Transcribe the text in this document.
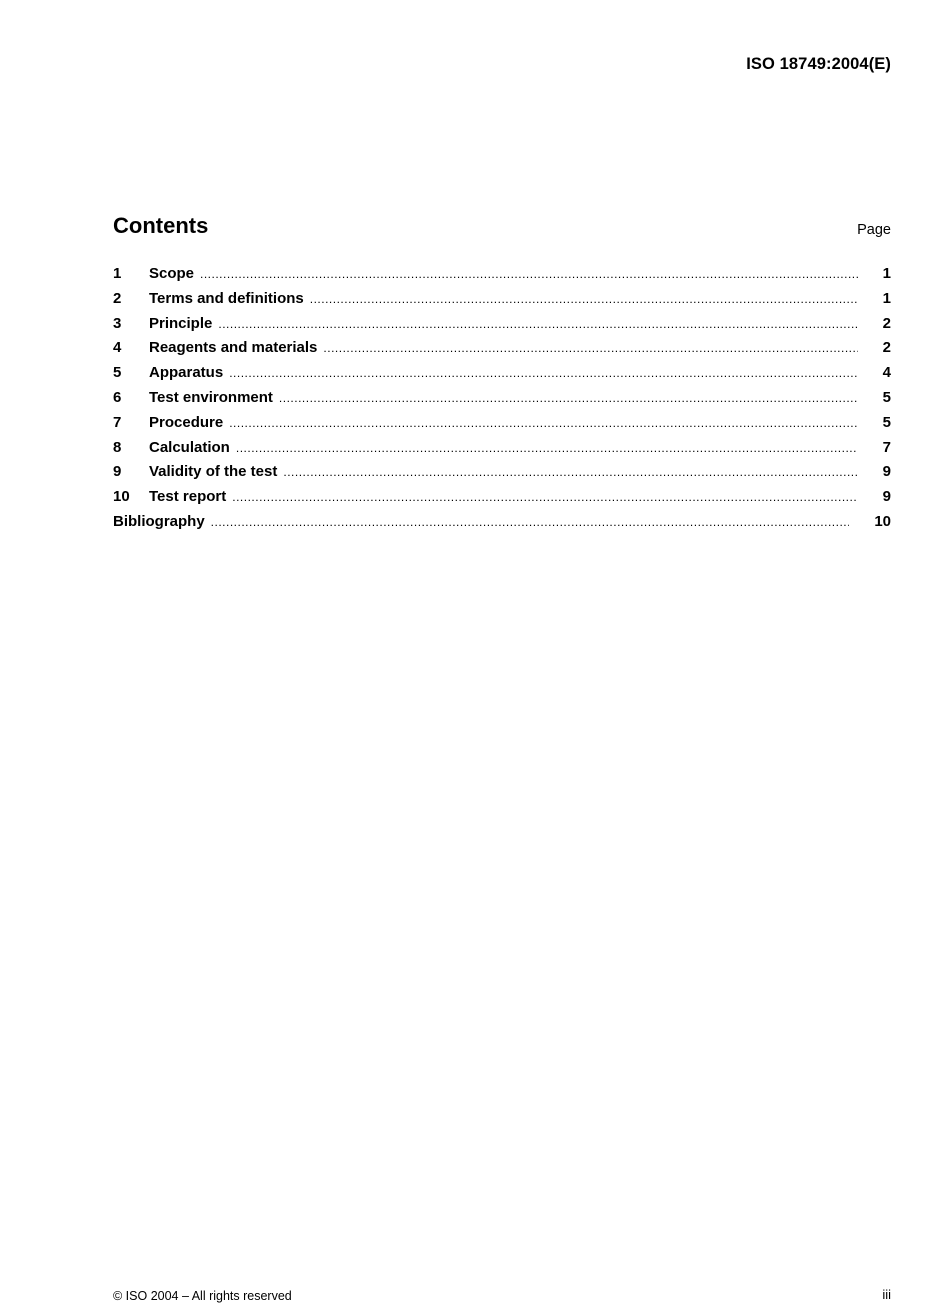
ISO 18749:2004(E)
Contents	Page
1	Scope .....	1
2	Terms and definitions .....	1
3	Principle .....	2
4	Reagents and materials .....	2
5	Apparatus .....	4
6	Test environment .....	5
7	Procedure .....	5
8	Calculation .....	7
9	Validity of the test .....	9
10	Test report .....	9
Bibliography .....	10
© ISO 2004 – All rights reserved	iii
